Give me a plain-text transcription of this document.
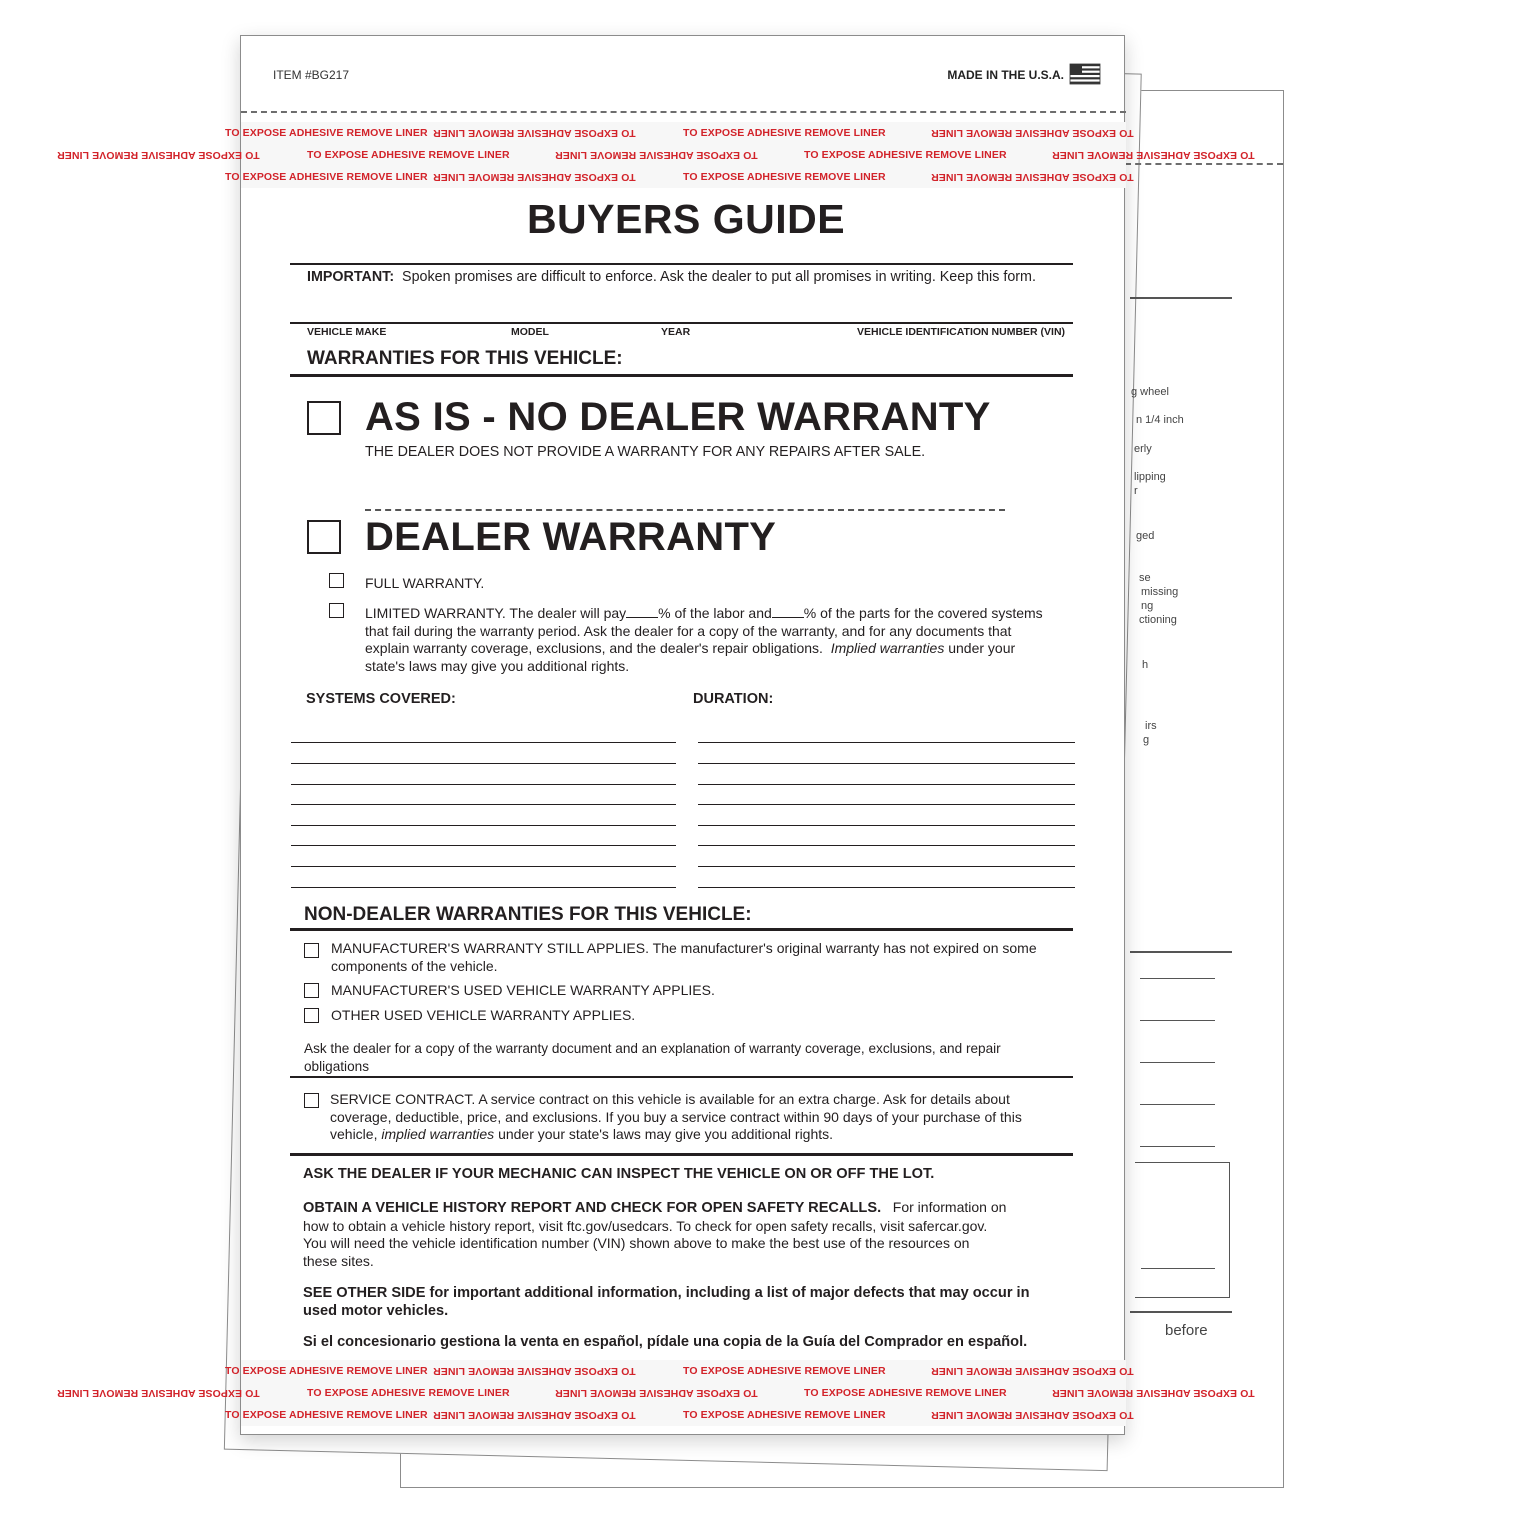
g wheel
n 1/4 inch
erly
lipping
r
ged
se
missing
ng
ctioning
h
irs
g
before
ITEM #BG217	MADE IN THE U.S.A.
TO EXPOSE ADHESIVE REMOVE LINER TO EXPOSE ADHESIVE REMOVE LINER	TO EXPOSE ADHESIVE REMOVE LINER	TO EXPOSE ADHESIVE REMOVE LINER
TO EXPOSE ADHESIVE REMOVE LINER	TO EXPOSE ADHESIVE REMOVE LINER	TO EXPOSE ADHESIVE REMOVE LINER	TO EXPOSE ADHESIVE REMOVE LINER	TO EXPOSE ADHESIVE REMOVE LINER
TO EXPOSE ADHESIVE REMOVE LINER TO EXPOSE ADHESIVE REMOVE LINER	TO EXPOSE ADHESIVE REMOVE LINER	TO EXPOSE ADHESIVE REMOVE LINER
BUYERS GUIDE
IMPORTANT: Spoken promises are difficult to enforce. Ask the dealer to put all promises in writing. Keep this form.
VEHICLE MAKE	MODEL	YEAR	VEHICLE IDENTIFICATION NUMBER (VIN)
WARRANTIES FOR THIS VEHICLE:
AS IS - NO DEALER WARRANTY
THE DEALER DOES NOT PROVIDE A WARRANTY FOR ANY REPAIRS AFTER SALE.
DEALER WARRANTY
FULL WARRANTY.
LIMITED WARRANTY. The dealer will pay % of the labor and % of the parts for the covered systems
that fail during the warranty period. Ask the dealer for a copy of the warranty, and for any documents that
explain warranty coverage, exclusions, and the dealer's repair obligations. Implied warranties under your
state's laws may give you additional rights.
SYSTEMS COVERED:	DURATION:
NON-DEALER WARRANTIES FOR THIS VEHICLE:
MANUFACTURER'S WARRANTY STILL APPLIES. The manufacturer's original warranty has not expired on some
components of the vehicle.
MANUFACTURER'S USED VEHICLE WARRANTY APPLIES.
OTHER USED VEHICLE WARRANTY APPLIES.
Ask the dealer for a copy of the warranty document and an explanation of warranty coverage, exclusions, and repair
obligations
SERVICE CONTRACT. A service contract on this vehicle is available for an extra charge. Ask for details about
coverage, deductible, price, and exclusions. If you buy a service contract within 90 days of your purchase of this
vehicle, implied warranties under your state's laws may give you additional rights.
ASK THE DEALER IF YOUR MECHANIC CAN INSPECT THE VEHICLE ON OR OFF THE LOT.
OBTAIN A VEHICLE HISTORY REPORT AND CHECK FOR OPEN SAFETY RECALLS. For information on
how to obtain a vehicle history report, visit ftc.gov/usedcars. To check for open safety recalls, visit safercar.gov.
You will need the vehicle identification number (VIN) shown above to make the best use of the resources on
these sites.
SEE OTHER SIDE for important additional information, including a list of major defects that may occur in
used motor vehicles.
Si el concesionario gestiona la venta en español, pídale una copia de la Guía del Comprador en español.
TO EXPOSE ADHESIVE REMOVE LINER TO EXPOSE ADHESIVE REMOVE LINER	TO EXPOSE ADHESIVE REMOVE LINER	TO EXPOSE ADHESIVE REMOVE LINER
TO EXPOSE ADHESIVE REMOVE LINER	TO EXPOSE ADHESIVE REMOVE LINER	TO EXPOSE ADHESIVE REMOVE LINER	TO EXPOSE ADHESIVE REMOVE LINER	TO EXPOSE ADHESIVE REMOVE LINER
TO EXPOSE ADHESIVE REMOVE LINER TO EXPOSE ADHESIVE REMOVE LINER	TO EXPOSE ADHESIVE REMOVE LINER	TO EXPOSE ADHESIVE REMOVE LINER
